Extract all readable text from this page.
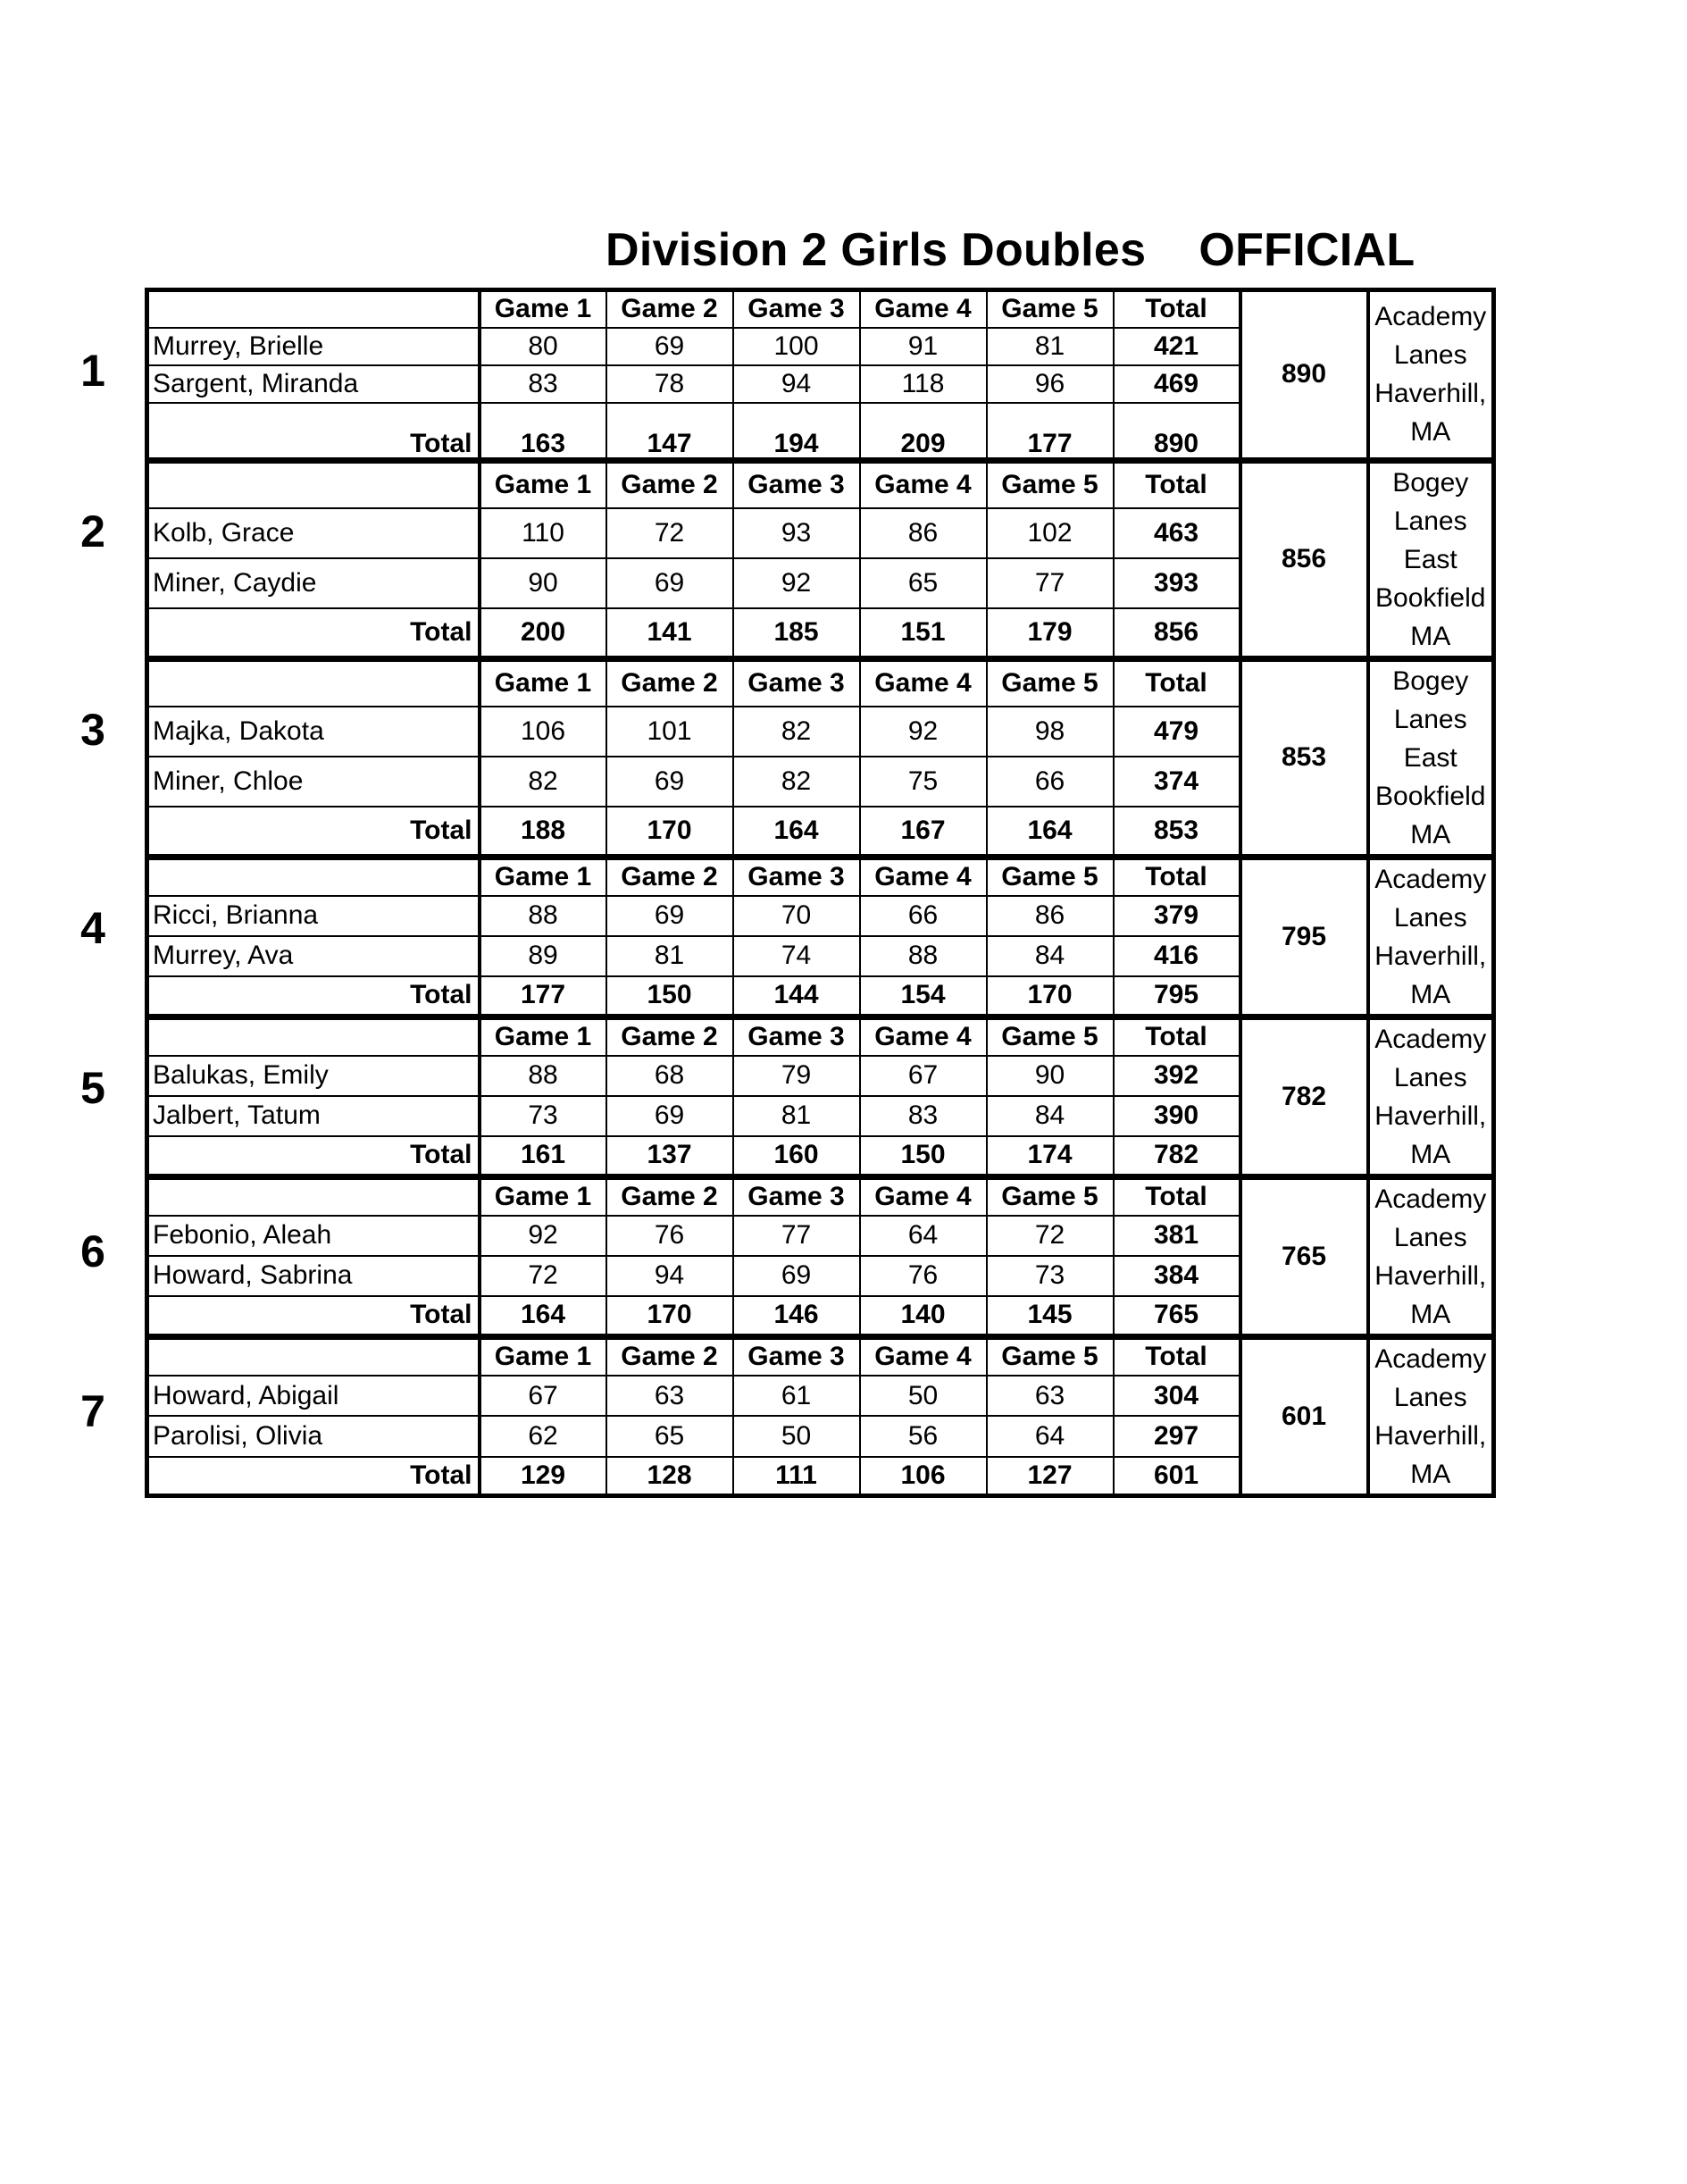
Division 2 Girls Doubles    OFFICIAL
1
	Game 1	Game 2	Game 3	Game 4	Game 5	Total	890	Academy Lanes Haverhill, MA
Murrey, Brielle	80	69	100	91	81	421		
Sargent, Miranda	83	78	94	118	96	469		
Total	163	147	194	209	177	890		
2
	Game 1	Game 2	Game 3	Game 4	Game 5	Total	856	Bogey Lanes East Bookfield MA
Kolb, Grace	110	72	93	86	102	463		
Miner, Caydie	90	69	92	65	77	393		
Total	200	141	185	151	179	856		
3
	Game 1	Game 2	Game 3	Game 4	Game 5	Total	853	Bogey Lanes East Bookfield MA
Majka, Dakota	106	101	82	92	98	479		
Miner, Chloe	82	69	82	75	66	374		
Total	188	170	164	167	164	853		
4
	Game 1	Game 2	Game 3	Game 4	Game 5	Total	795	Academy Lanes Haverhill, MA
Ricci, Brianna	88	69	70	66	86	379		
Murrey, Ava	89	81	74	88	84	416		
Total	177	150	144	154	170	795		
5
	Game 1	Game 2	Game 3	Game 4	Game 5	Total	782	Academy Lanes Haverhill, MA
Balukas, Emily	88	68	79	67	90	392		
Jalbert, Tatum	73	69	81	83	84	390		
Total	161	137	160	150	174	782		
6
	Game 1	Game 2	Game 3	Game 4	Game 5	Total	765	Academy Lanes Haverhill, MA
Febonio, Aleah	92	76	77	64	72	381		
Howard, Sabrina	72	94	69	76	73	384		
Total	164	170	146	140	145	765		
7
	Game 1	Game 2	Game 3	Game 4	Game 5	Total	601	Academy Lanes Haverhill, MA
Howard, Abigail	67	63	61	50	63	304		
Parolisi, Olivia	62	65	50	56	64	297		
Total	129	128	111	106	127	601		
